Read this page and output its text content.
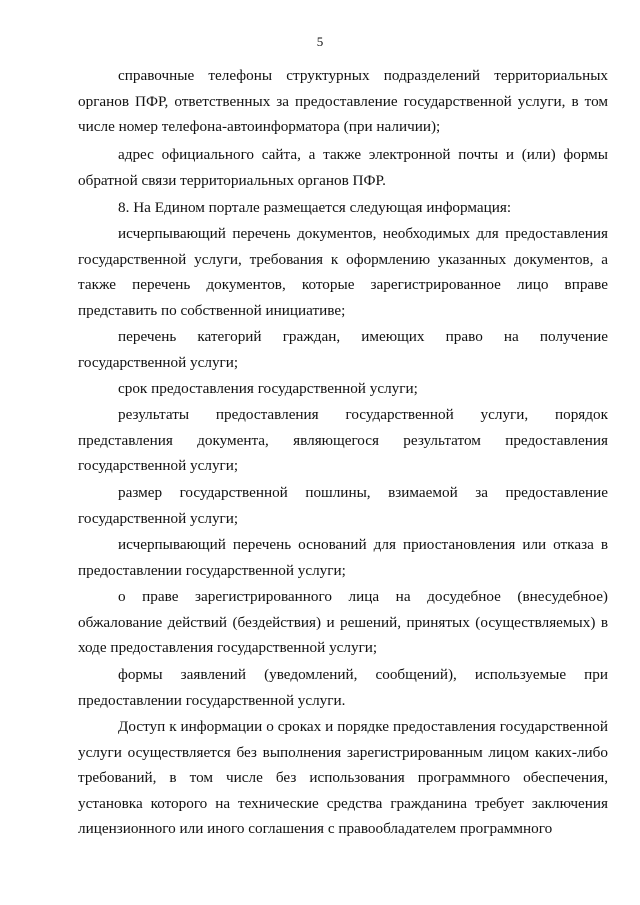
5

справочные телефоны структурных подразделений территориальных органов ПФР, ответственных за предоставление государственной услуги, в том числе номер телефона-автоинформатора (при наличии);

адрес официального сайта, а также электронной почты и (или) формы обратной связи территориальных органов ПФР.

8. На Едином портале размещается следующая информация:

исчерпывающий перечень документов, необходимых для предоставления государственной услуги, требования к оформлению указанных документов, а также перечень документов, которые зарегистрированное лицо вправе представить по собственной инициативе;

перечень категорий граждан, имеющих право на получение государственной услуги;

срок предоставления государственной услуги;

результаты предоставления государственной услуги, порядок представления документа, являющегося результатом предоставления государственной услуги;

размер государственной пошлины, взимаемой за предоставление государственной услуги;

исчерпывающий перечень оснований для приостановления или отказа в предоставлении государственной услуги;

о праве зарегистрированного лица на досудебное (внесудебное) обжалование действий (бездействия) и решений, принятых (осуществляемых) в ходе предоставления государственной услуги;

формы заявлений (уведомлений, сообщений), используемые при предоставлении государственной услуги.

Доступ к информации о сроках и порядке предоставления государственной услуги осуществляется без выполнения зарегистрированным лицом каких-либо требований, в том числе без использования программного обеспечения, установка которого на технические средства гражданина требует заключения лицензионного или иного соглашения с правообладателем программного
